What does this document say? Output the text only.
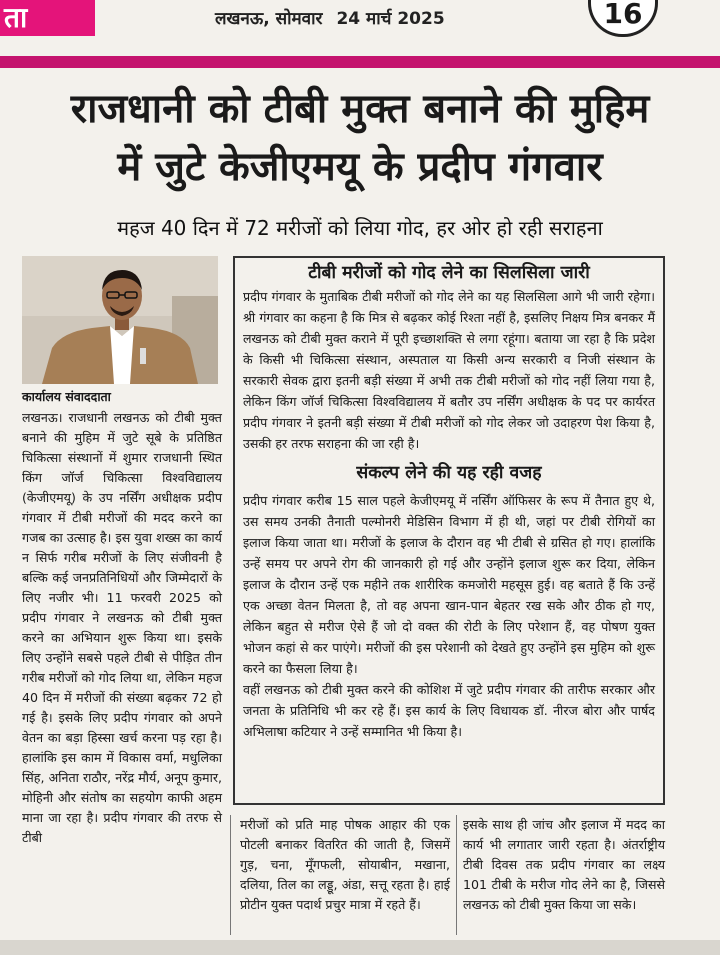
ता	लखनऊ, सोमवार 24 मार्च 2025	16
राजधानी को टीबी मुक्त बनाने की मुहिम
में जुटे केजीएमयू के प्रदीप गंगवार
महज 40 दिन में 72 मरीजों को लिया गोद, हर ओर हो रही सराहना
कार्यालय संवाददाता

लखनऊ। राजधानी लखनऊ को टीबी मुक्त बनाने की मुहिम में जुटे सूबे के प्रतिष्ठित चिकित्सा संस्थानों में शुमार राजधानी स्थित किंग जॉर्ज चिकित्सा विश्वविद्यालय (केजीएमयू) के उप नर्सिंग अधीक्षक प्रदीप गंगवार में टीबी मरीजों की मदद करने का गजब का उत्साह है। इस युवा शख्स का कार्य न सिर्फ गरीब मरीजों के लिए संजीवनी है बल्कि कई जनप्रतिनिधियों और जिम्मेदारों के लिए नजीर भी। 11 फरवरी 2025 को प्रदीप गंगवार ने लखनऊ को टीबी मुक्त करने का अभियान शुरू किया था। इसके लिए उन्होंने सबसे पहले टीबी से पीड़ित तीन गरीब मरीजों को गोद लिया था, लेकिन महज 40 दिन में मरीजों की संख्या बढ़कर 72 हो गई है। इसके लिए प्रदीप गंगवार को अपने वेतन का बड़ा हिस्सा खर्च करना पड़ रहा है। हालांकि इस काम में विकास वर्मा, मधुलिका सिंह, अनिता राठौर, नरेंद्र मौर्य, अनूप कुमार, मोहिनी और संतोष का सहयोग काफी अहम माना जा रहा है। प्रदीप गंगवार की तरफ से टीबी

टीबी मरीजों को गोद लेने का सिलसिला जारी

प्रदीप गंगवार के मुताबिक टीबी मरीजों को गोद लेने का यह सिलसिला आगे भी जारी रहेगा। श्री गंगवार का कहना है कि मित्र से बढ़कर कोई रिश्ता नहीं है, इसलिए निक्षय मित्र बनकर मैं लखनऊ को टीबी मुक्त कराने में पूरी इच्छाशक्ति से लगा रहूंगा। बताया जा रहा है कि प्रदेश के किसी भी चिकित्सा संस्थान, अस्पताल या किसी अन्य सरकारी व निजी संस्थान के सरकारी सेवक द्वारा इतनी बड़ी संख्या में अभी तक टीबी मरीजों को गोद नहीं लिया गया है, लेकिन किंग जॉर्ज चिकित्सा विश्वविद्यालय में बतौर उप नर्सिंग अधीक्षक के पद पर कार्यरत प्रदीप गंगवार ने इतनी बड़ी संख्या में टीबी मरीजों को गोद लेकर जो उदाहरण पेश किया है, उसकी हर तरफ सराहना की जा रही है।

संकल्प लेने की यह रही वजह

प्रदीप गंगवार करीब 15 साल पहले केजीएमयू में नर्सिंग ऑफिसर के रूप में तैनात हुए थे, उस समय उनकी तैनाती पल्मोनरी मेडिसिन विभाग में ही थी, जहां पर टीबी रोगियों का इलाज किया जाता था। मरीजों के इलाज के दौरान वह भी टीबी से ग्रसित हो गए। हालांकि उन्हें समय पर अपने रोग की जानकारी हो गई और उन्होंने इलाज शुरू कर दिया, लेकिन इलाज के दौरान उन्हें एक महीने तक शारीरिक कमजोरी महसूस हुई। वह बताते हैं कि उन्हें एक अच्छा वेतन मिलता है, तो वह अपना खान-पान बेहतर रख सके और ठीक हो गए, लेकिन बहुत से मरीज ऐसे हैं जो दो वक्त की रोटी के लिए परेशान हैं, वह पोषण युक्त भोजन कहां से कर पाएंगे। मरीजों की इस परेशानी को देखते हुए उन्होंने इस मुहिम को शुरू करने का फैसला लिया है।

वहीं लखनऊ को टीबी मुक्त करने की कोशिश में जुटे प्रदीप गंगवार की तारीफ सरकार और जनता के प्रतिनिधि भी कर रहे हैं। इस कार्य के लिए विधायक डॉ. नीरज बोरा और पार्षद अभिलाषा कटियार ने उन्हें सम्मानित भी किया है।

मरीजों को प्रति माह पोषक आहार की एक पोटली बनाकर वितरित की जाती है, जिसमें गुड़, चना, मूँगफली, सोयाबीन, मखाना, दलिया, तिल का लड्डू, अंडा, सत्तू रहता है। हाई प्रोटीन युक्त पदार्थ प्रचुर मात्रा में रहते हैं।

इसके साथ ही जांच और इलाज में मदद का कार्य भी लगातार जारी रहता है। अंतर्राष्ट्रीय टीबी दिवस तक प्रदीप गंगवार का लक्ष्य 101 टीबी के मरीज गोद लेने का है, जिससे लखनऊ को टीबी मुक्त किया जा सके।
